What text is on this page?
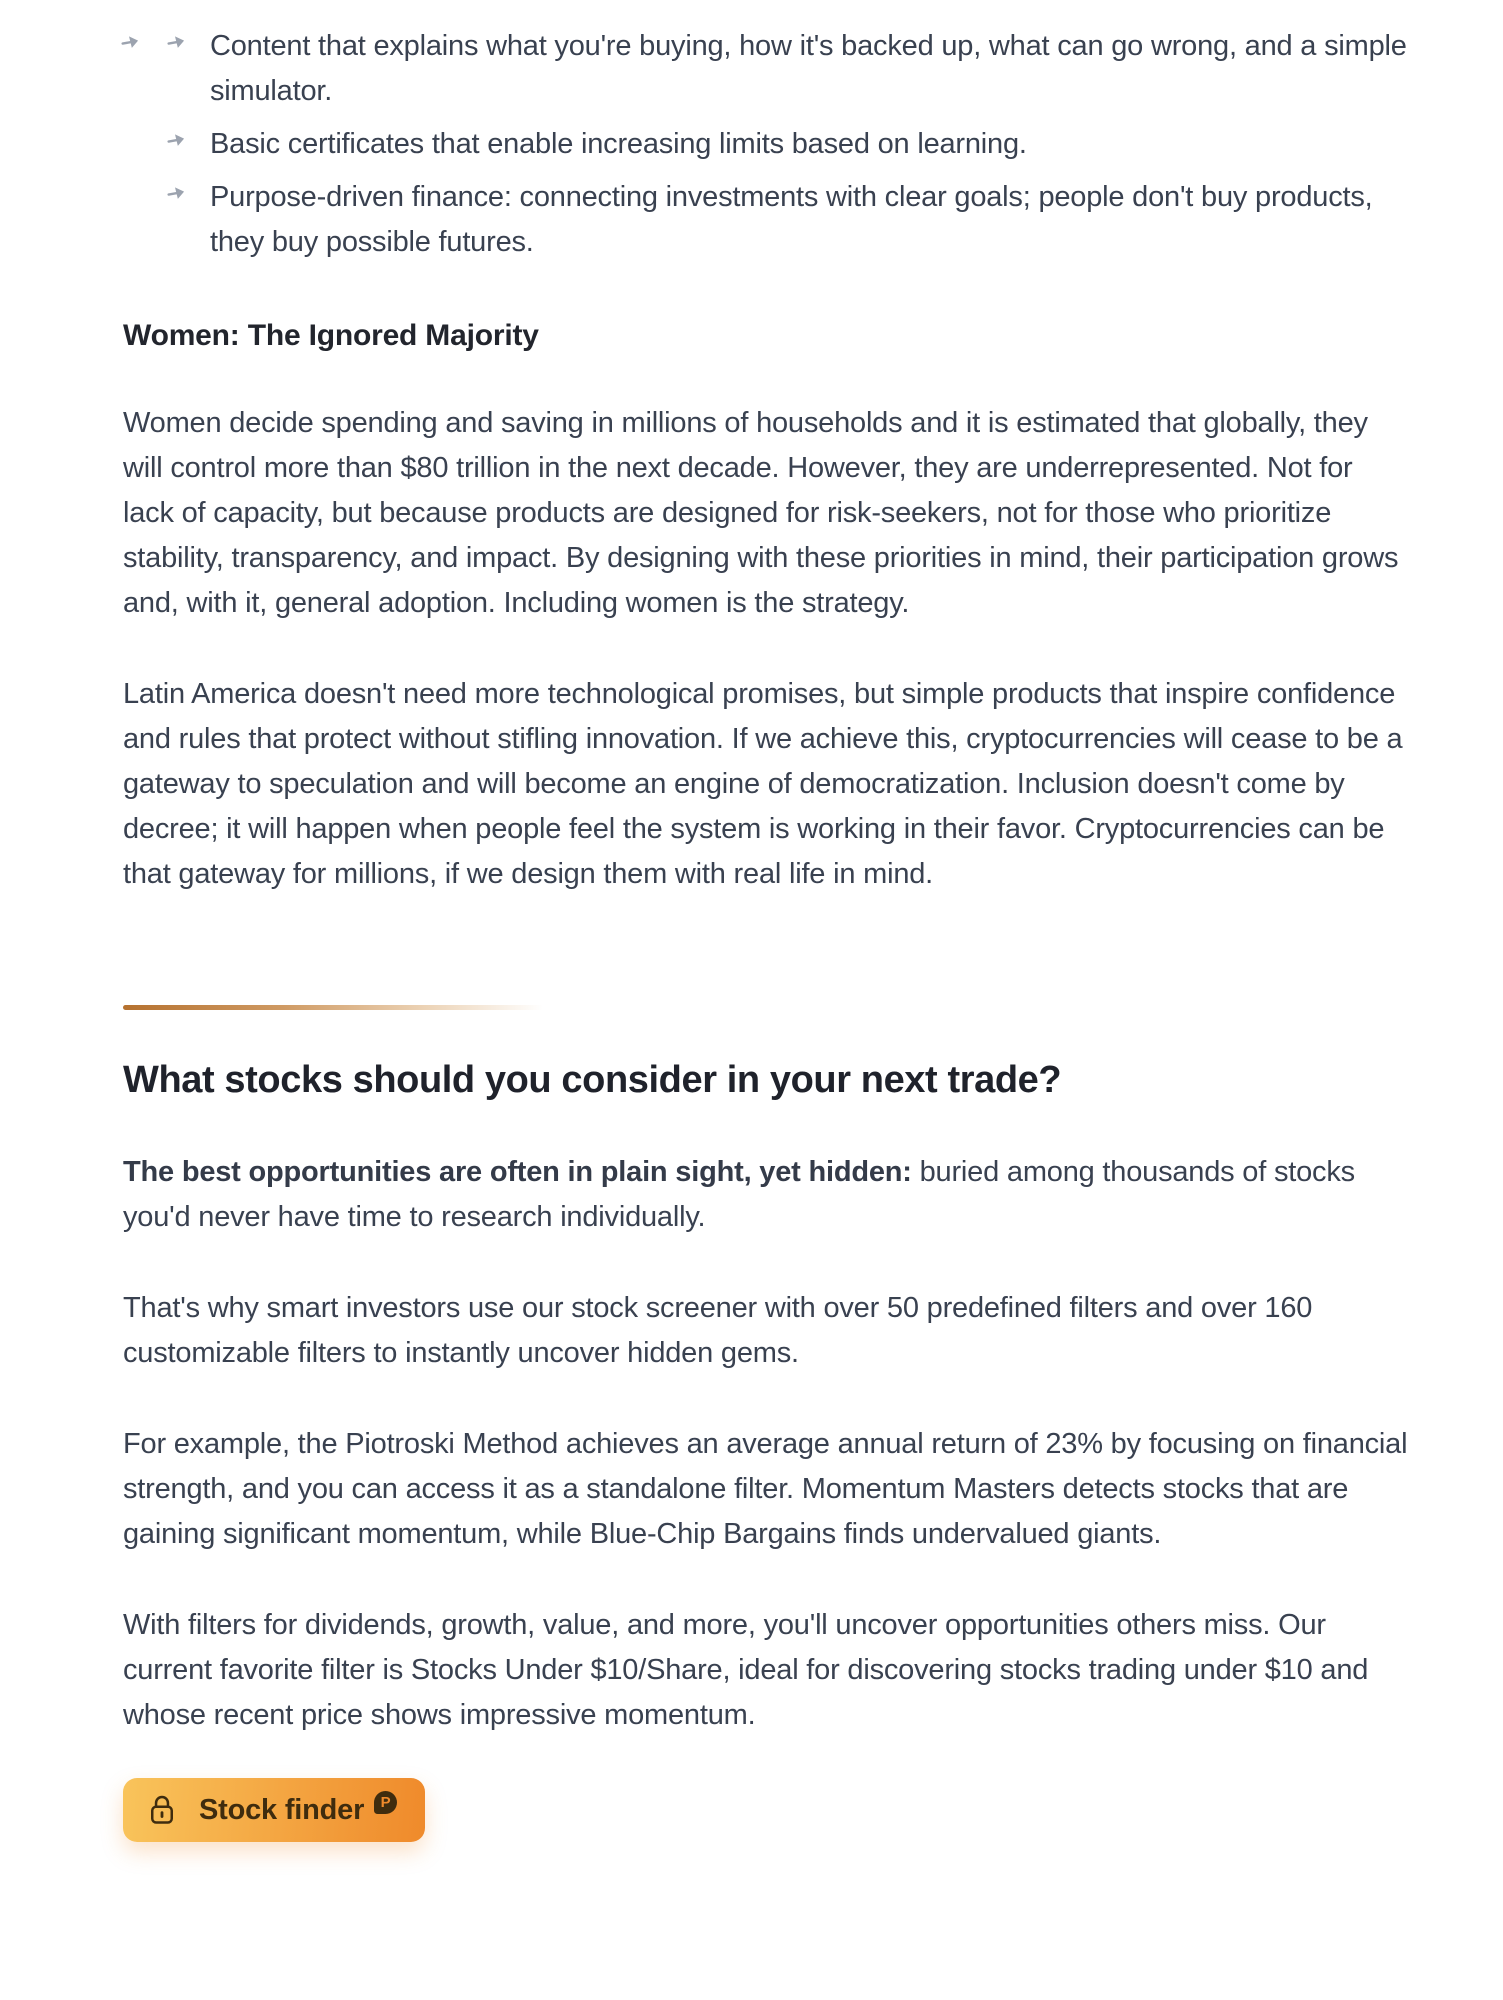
Content that explains what you're buying, how it's backed up, what can go wrong, and a simple simulator.
Basic certificates that enable increasing limits based on learning.
Purpose-driven finance: connecting investments with clear goals; people don't buy products, they buy possible futures.
Women: The Ignored Majority

Women decide spending and saving in millions of households and it is estimated that globally, they will control more than $80 trillion in the next decade. However, they are underrepresented. Not for lack of capacity, but because products are designed for risk-seekers, not for those who prioritize stability, transparency, and impact. By designing with these priorities in mind, their participation grows and, with it, general adoption. Including women is the strategy.

Latin America doesn't need more technological promises, but simple products that inspire confidence and rules that protect without stifling innovation. If we achieve this, cryptocurrencies will cease to be a gateway to speculation and will become an engine of democratization. Inclusion doesn't come by decree; it will happen when people feel the system is working in their favor. Cryptocurrencies can be that gateway for millions, if we design them with real life in mind.

What stocks should you consider in your next trade?

The best opportunities are often in plain sight, yet hidden: buried among thousands of stocks you'd never have time to research individually.

That's why smart investors use our stock screener with over 50 predefined filters and over 160 customizable filters to instantly uncover hidden gems.

For example, the Piotroski Method achieves an average annual return of 23% by focusing on financial strength, and you can access it as a standalone filter. Momentum Masters detects stocks that are gaining significant momentum, while Blue-Chip Bargains finds undervalued giants.

With filters for dividends, growth, value, and more, you'll uncover opportunities others miss. Our current favorite filter is Stocks Under $10/Share, ideal for discovering stocks trading under $10 and whose recent price shows impressive momentum.

Stock finder	P
